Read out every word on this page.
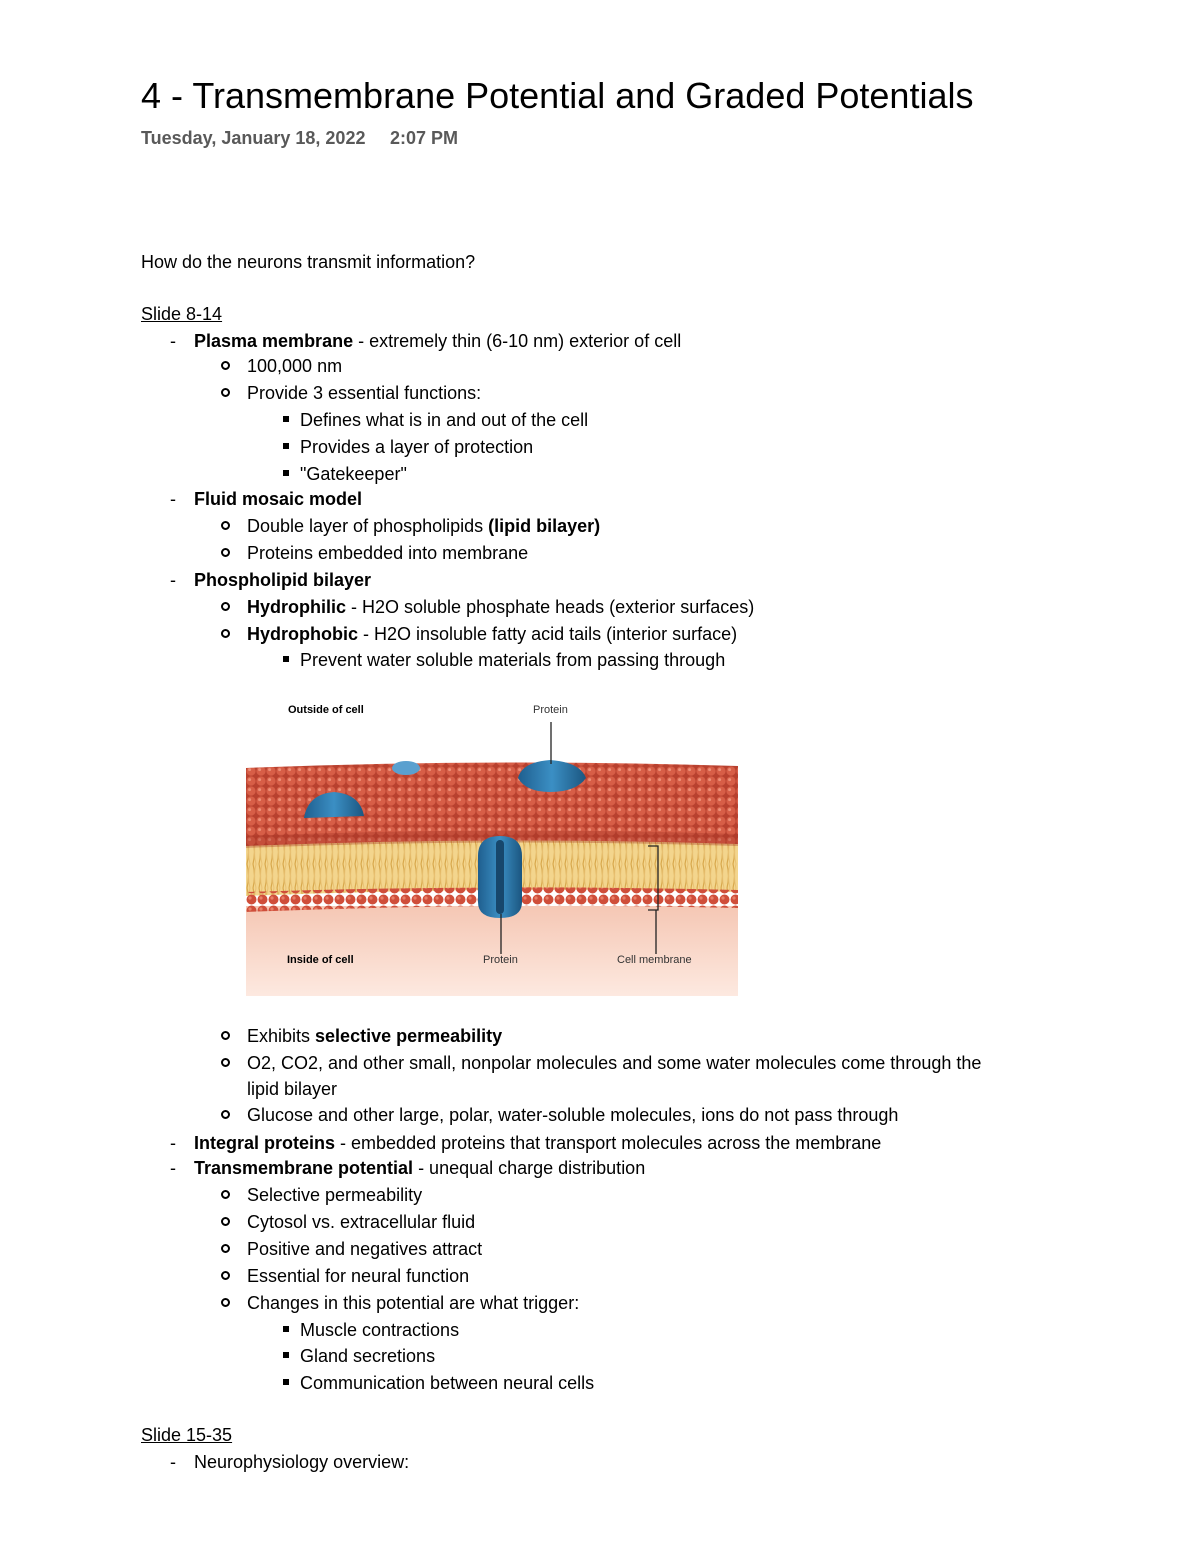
4 - Transmembrane Potential and Graded Potentials
Tuesday, January 18, 2022 2:07 PM
How do the neurons transmit information?
Slide 8-14
-	Plasma membrane - extremely thin (6-10 nm) exterior of cell
100,000 nm
Provide 3 essential functions:
Defines what is in and out of the cell
Provides a layer of protection
"Gatekeeper"
-	Fluid mosaic model
Double layer of phospholipids (lipid bilayer)
Proteins embedded into membrane
-	Phospholipid bilayer
Hydrophilic - H2O soluble phosphate heads (exterior surfaces)
Hydrophobic - H2O insoluble fatty acid tails (interior surface)
Prevent water soluble materials from passing through
Outside of cell	Protein
Inside of cell	Protein	Cell membrane
Exhibits selective permeability
O2, CO2, and other small, nonpolar molecules and some water molecules come through the
lipid bilayer
Glucose and other large, polar, water-soluble molecules, ions do not pass through
-	Integral proteins - embedded proteins that transport molecules across the membrane
-	Transmembrane potential - unequal charge distribution
Selective permeability
Cytosol vs. extracellular fluid
Positive and negatives attract
Essential for neural function
Changes in this potential are what trigger:
Muscle contractions
Gland secretions
Communication between neural cells
Slide 15-35
-	Neurophysiology overview:
